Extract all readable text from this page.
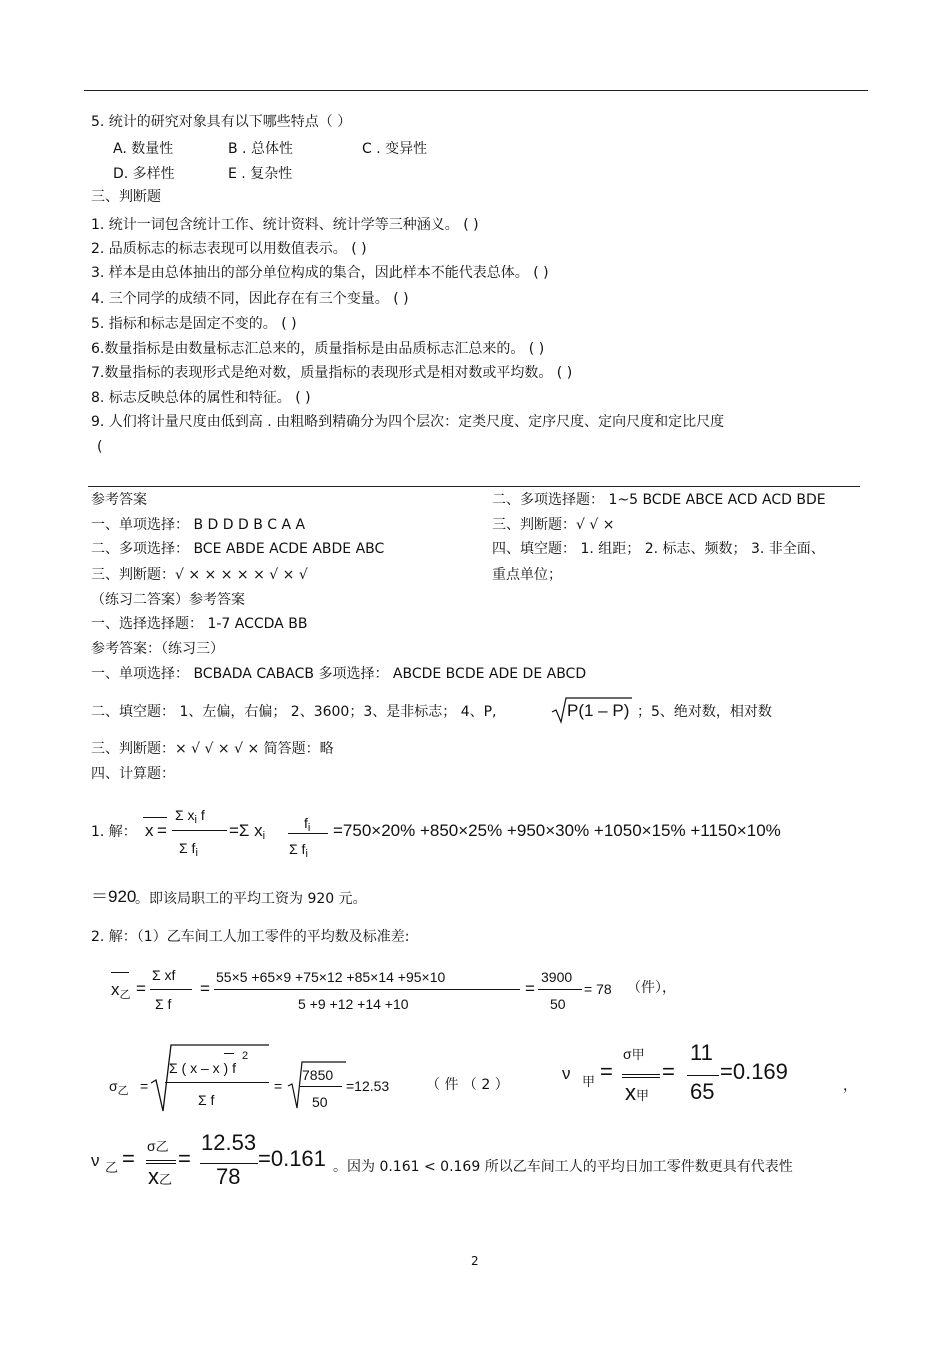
5. 统计的研究对象具有以下哪些特点（ ）
A. 数量性	B . 总体性	C . 变异性
D. 多样性	E . 复杂性
三、判断题
1. 统计一词包含统计工作、统计资料、统计学等三种涵义。 ( )
2. 品质标志的标志表现可以用数值表示。 ( )
3. 样本是由总体抽出的部分单位构成的集合，因此样本不能代表总体。 ( )
4. 三个同学的成绩不同，因此存在有三个变量。 ( )
5. 指标和标志是固定不变的。 ( )
6.数量指标是由数量标志汇总来的，质量指标是由品质标志汇总来的。 ( )
7.数量指标的表现形式是绝对数，质量指标的表现形式是相对数或平均数。 ( )
8. 标志反映总体的属性和特征。 ( )
9. 人们将计量尺度由低到高 . 由粗略到精确分为四个层次：定类尺度、定序尺度、定向尺度和定比尺度
(
参考答案
一、单项选择： B D D D B C A A
二、多项选择： BCE ABDE ACDE ABDE ABC
三、判断题：√ × × × × × √ × √
（练习二答案）参考答案
一、选择选择题： 1-7 ACCDA BB
参考答案：（练习三）
一、单项选择： BCBADA CABACB 多项选择： ABCDE BCDE ADE DE ABCD
二、多项选择题： 1~5 BCDE ABCE ACD ACD BDE
三、判断题：√ √ ×
四、填空题： 1. 组距； 2. 标志、频数； 3. 非全面、
重点单位；
二、填空题： 1、左偏，右偏； 2、3600；3、是非标志； 4、P,	P(1 – P) ；5、绝对数，相对数
三、判断题：× √ √ × √ × 简答题：略
四、计算题：
1. 解： x =
Σ $x_i$ f
Σ $f_i$
=Σ $x_i$
$f_i$
Σ $f_i$
=750×20% +850×25% +950×30% +1050×15% +1150×10%
＝920
。即该局职工的平均工资为 920 元。
2. 解：（1）乙车间工人加工零件的平均数及标准差:
$x_乙$ =
Σ xf
Σ f
=
55×5 +65×9 +75×12 +85×14 +95×10
5 +9 +12 +14 +10
=
3900
50
= 78 （件），
$\sigma_乙$ =
Σ ( x – x ) f
2
Σ f
=
7850
50
=12.53	（ 件 （ 2 ）
ν 甲 =
σ甲
x甲
=
11
65
=0.169
，
ν 乙 = σ乙
x乙
=
12.53
78
=0.161 。因为 0.161 < 0.169 所以乙车间工人的平均日加工零件数更具有代表性
2
